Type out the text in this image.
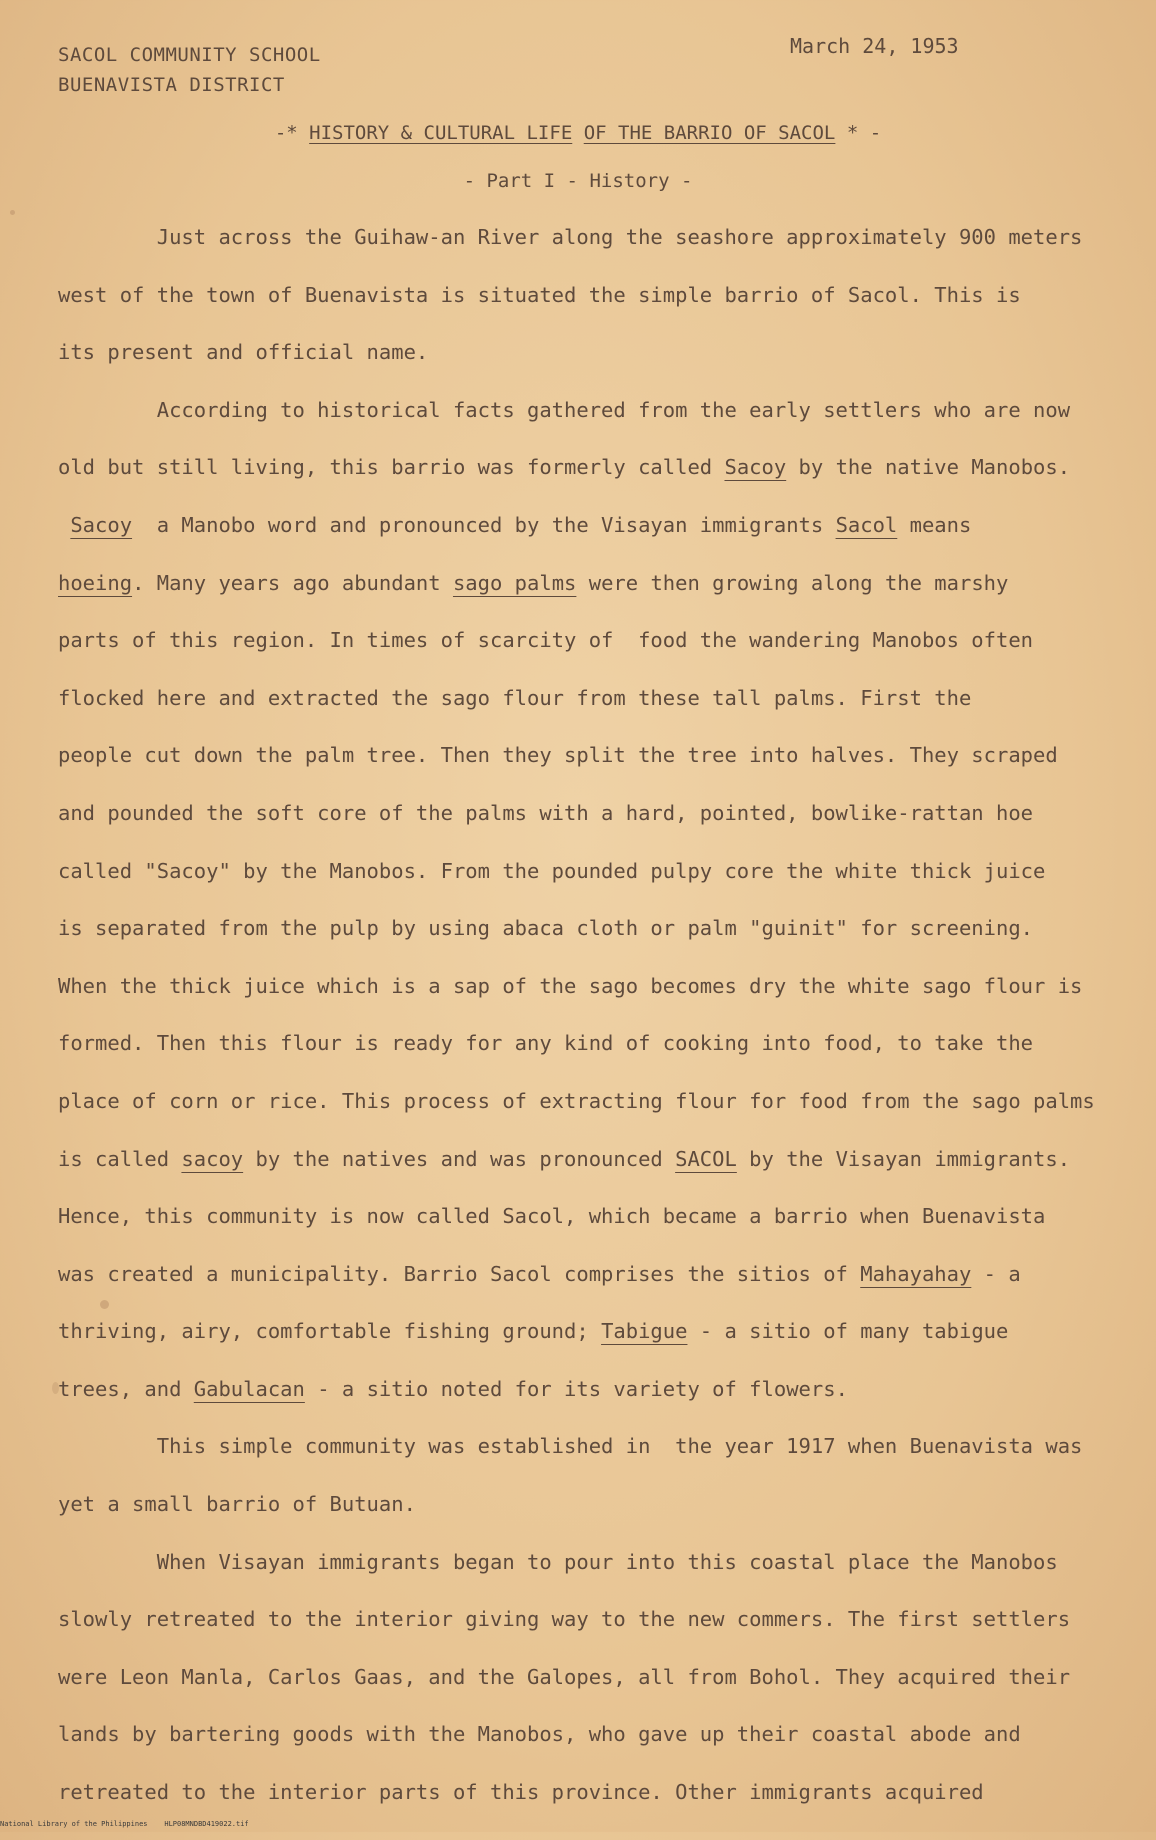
SACOL COMMUNITY SCHOOL
BUENAVISTA DISTRICT
March 24, 1953
-* HISTORY & CULTURAL LIFE OF THE BARRIO OF SACOL * -
- Part I - History -
Just across the Guihaw-an River along the seashore approximately 900 meters
west of the town of Buenavista is situated the simple barrio of Sacol. This is
its present and official name.
According to historical facts gathered from the early settlers who are now
old but still living, this barrio was formerly called Sacoy by the native Manobos.
Sacoy  a Manobo word and pronounced by the Visayan immigrants Sacol means
hoeing. Many years ago abundant sago palms were then growing along the marshy
parts of this region. In times of scarcity of  food the wandering Manobos often
flocked here and extracted the sago flour from these tall palms. First the
people cut down the palm tree. Then they split the tree into halves. They scraped
and pounded the soft core of the palms with a hard, pointed, bowlike-rattan hoe
called "Sacoy" by the Manobos. From the pounded pulpy core the white thick juice
is separated from the pulp by using abaca cloth or palm "guinit" for screening.
When the thick juice which is a sap of the sago becomes dry the white sago flour is
formed. Then this flour is ready for any kind of cooking into food, to take the
place of corn or rice. This process of extracting flour for food from the sago palms
is called sacoy by the natives and was pronounced SACOL by the Visayan immigrants.
Hence, this community is now called Sacol, which became a barrio when Buenavista
was created a municipality. Barrio Sacol comprises the sitios of Mahayahay - a
thriving, airy, comfortable fishing ground; Tabigue - a sitio of many tabigue
trees, and Gabulacan - a sitio noted for its variety of flowers.
This simple community was established in  the year 1917 when Buenavista was
yet a small barrio of Butuan.
When Visayan immigrants began to pour into this coastal place the Manobos
slowly retreated to the interior giving way to the new commers. The first settlers
were Leon Manla, Carlos Gaas, and the Galopes, all from Bohol. They acquired their
lands by bartering goods with the Manobos, who gave up their coastal abode and
retreated to the interior parts of this province. Other immigrants acquired
National Library of the Philippines    HLP08MNDBD419022.tif
